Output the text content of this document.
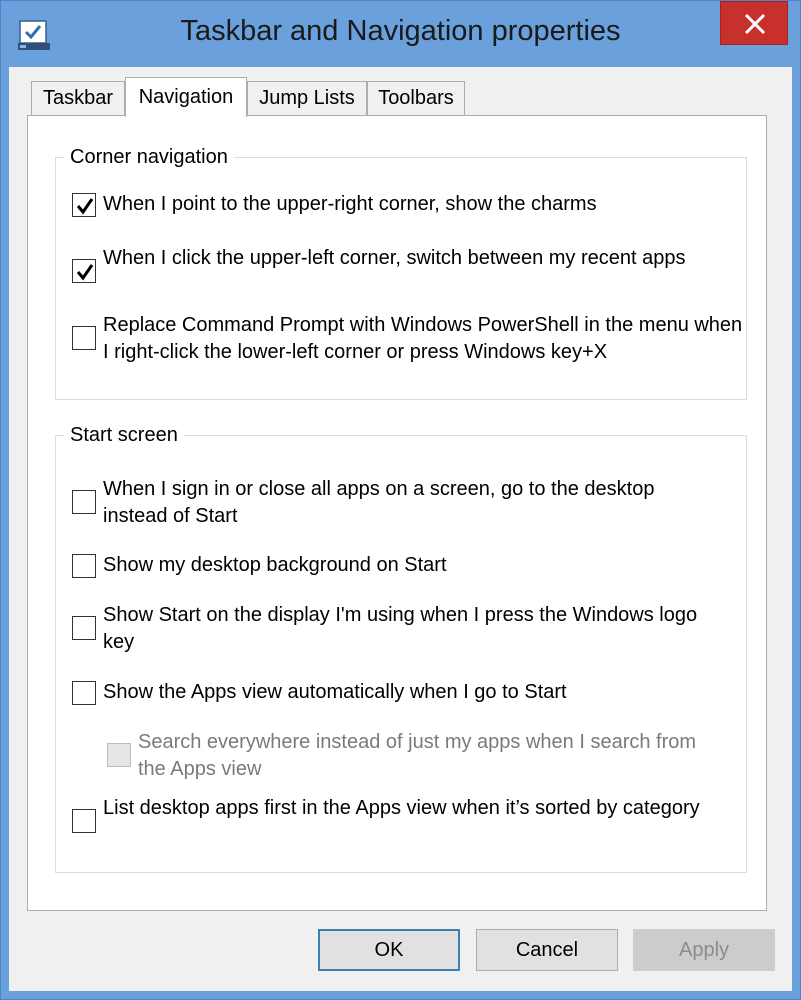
Taskbar and Navigation properties
Taskbar	Navigation	Jump Lists	Toolbars
Corner navigation
When I point to the upper-right corner, show the charms
When I click the upper-left corner, switch between my recent apps
Replace Command Prompt with Windows PowerShell in the menu when I right-click the lower-left corner or press Windows key+X
Start screen
When I sign in or close all apps on a screen, go to the desktop instead of Start
Show my desktop background on Start
Show Start on the display I'm using when I press the Windows logo key
Show the Apps view automatically when I go to Start
Search everywhere instead of just my apps when I search from the Apps view
List desktop apps first in the Apps view when it’s sorted by category
OK	Cancel	Apply
